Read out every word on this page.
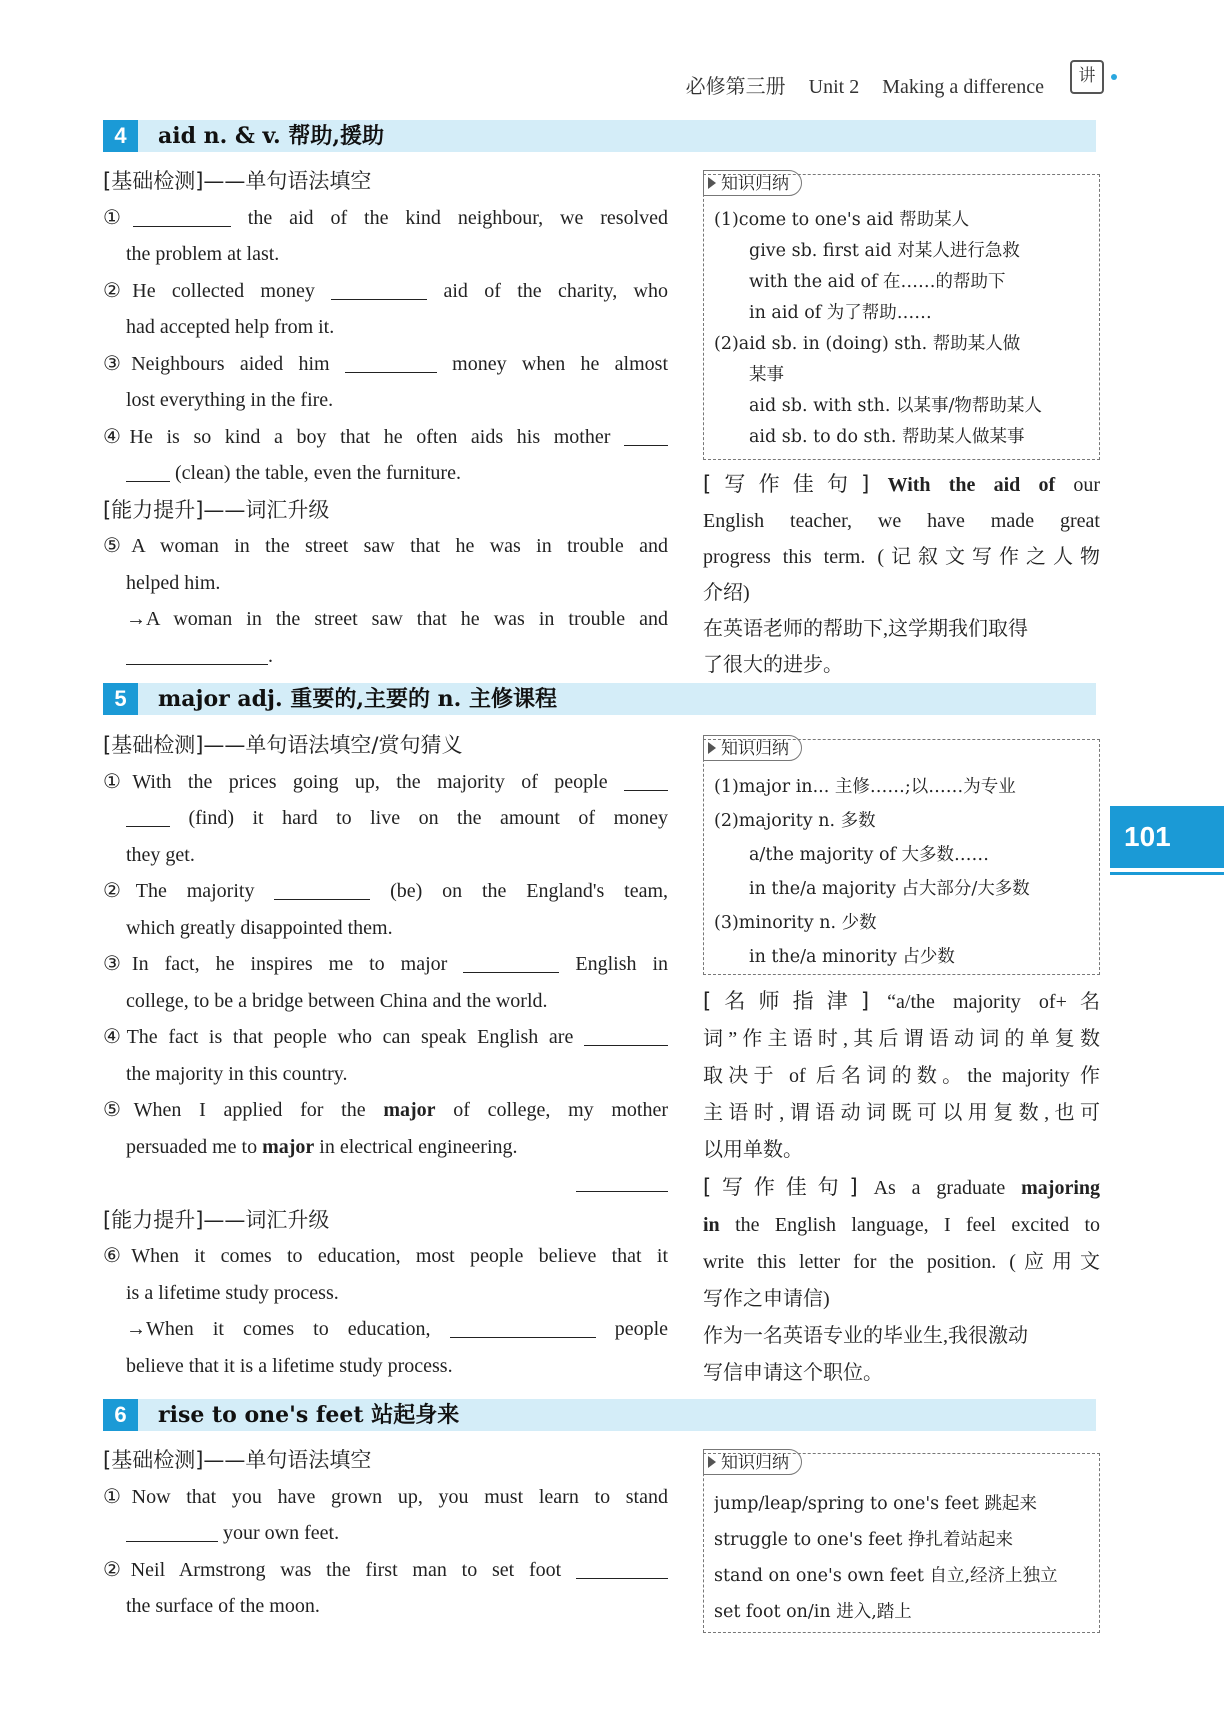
必修第三册 Unit 2 Making a difference	讲
4	aid n. & v. 帮助,援助
[基础检测]——单句语法填空
①	the aid of the kind neighbour, we resolved
the problem at last.
②He collected money	aid of the charity, who
had accepted help from it.
③Neighbours aided him	money when he almost
lost everything in the fire.
④He is so kind a boy that he often aids his mother
(clean) the table, even the furniture.
[能力提升]——词汇升级
⑤A woman in the street saw that he was in trouble and
helped him.
→A woman in the street saw that he was in trouble and
.
知识归纳
(1)come to one's aid 帮助某人
give sb. first aid 对某人进行急救
with the aid of 在……的帮助下
in aid of 为了帮助……
(2)aid sb. in (doing) sth. 帮助某人做
某事
aid sb. with sth. 以某事/物帮助某人
aid sb. to do sth. 帮助某人做某事
[写作佳句] With the aid of our
English teacher, we have made great
progress this term. (记叙文写作之人物
介绍)
在英语老师的帮助下,这学期我们取得
了很大的进步。
5	major adj. 重要的,主要的 n. 主修课程
[基础检测]——单句语法填空/赏句猜义
①With the prices going up, the majority of people
(find) it hard to live on the amount of money
they get.
②The majority	(be) on the England's team,
which greatly disappointed them.
③In fact, he inspires me to major	English in
college, to be a bridge between China and the world.
④The fact is that people who can speak English are
the majority in this country.
⑤When I applied for the major of college, my mother
persuaded me to major in electrical engineering.
[能力提升]——词汇升级
⑥When it comes to education, most people believe that it
is a lifetime study process.
→When it comes to education,	people
believe that it is a lifetime study process.
知识归纳
(1)major in... 主修……;以……为专业
(2)majority n. 多数
a/the majority of 大多数……
in the/a majority 占大部分/大多数
(3)minority n. 少数
in the/a minority 占少数
[名师指津] “a/the majority of+名
词”作主语时,其后谓语动词的单复数
取决于 of 后名词的数。the majority 作
主语时,谓语动词既可以用复数,也可
以用单数。
[写作佳句] As a graduate majoring
in the English language, I feel excited to
write this letter for the position. (应用文
写作之申请信)
作为一名英语专业的毕业生,我很激动
写信申请这个职位。
6	rise to one's feet 站起身来
[基础检测]——单句语法填空
①Now that you have grown up, you must learn to stand
your own feet.
②Neil Armstrong was the first man to set foot
the surface of the moon.
知识归纳
jump/leap/spring to one's feet 跳起来
struggle to one's feet 挣扎着站起来
stand on one's own feet 自立,经济上独立
set foot on/in 进入,踏上
101
